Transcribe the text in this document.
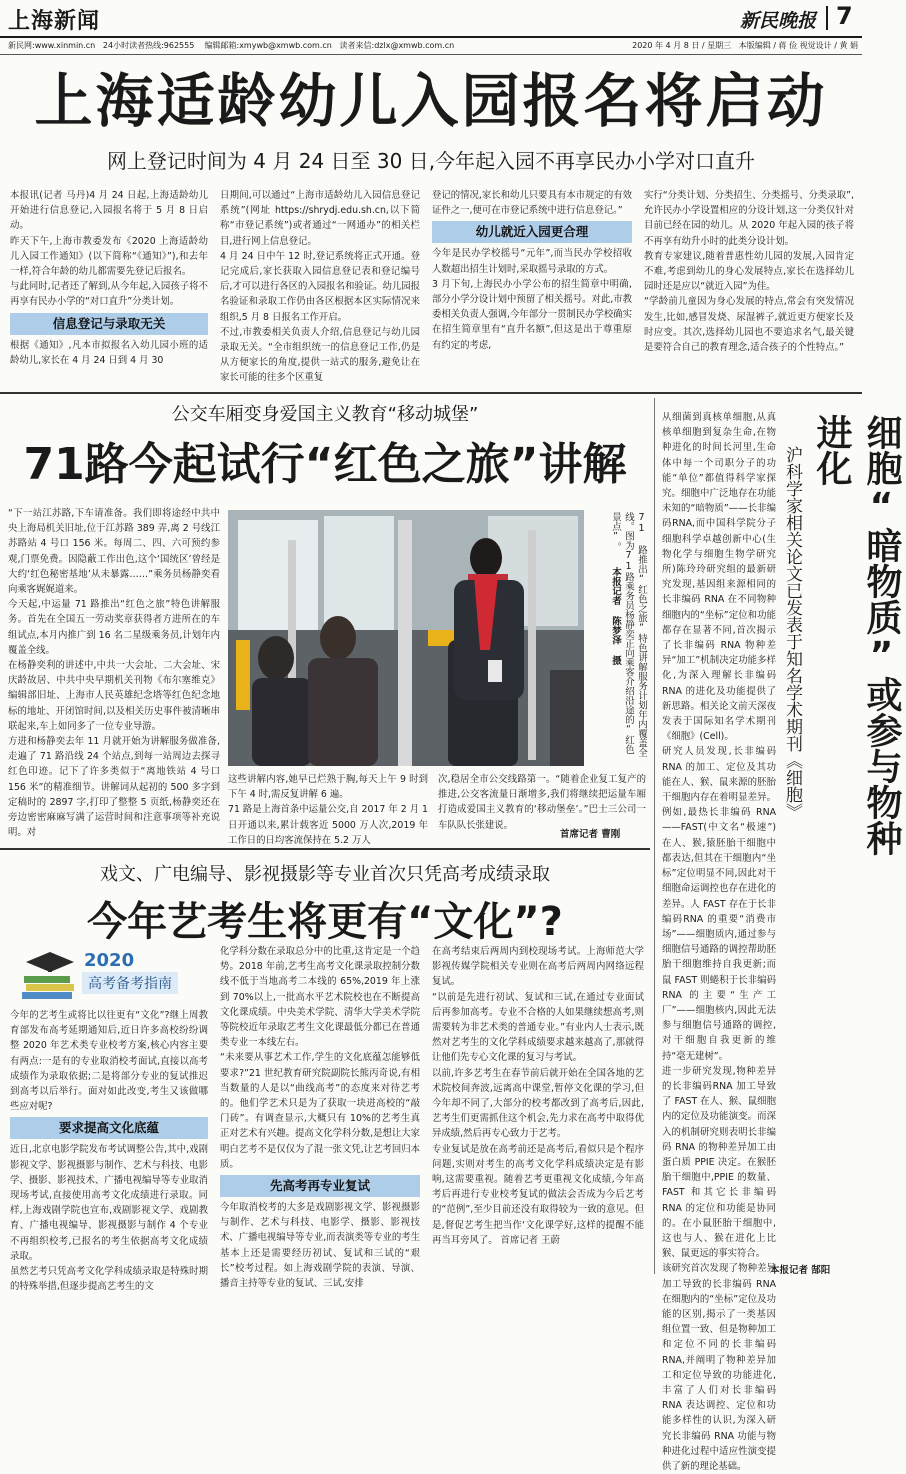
上海新闻	新民晚报 7
新民网:www.xinmin.cn 24小时读者热线:962555 编辑邮箱:xmywb@xmwb.com.cn 读者来信:dzlx@xmwb.com.cn	2020 年 4 月 8 日 / 星期三 本版编辑 / 蒋 俭 视觉设计 / 黄 娟
上海适龄幼儿入园报名将启动
网上登记时间为 4 月 24 日至 30 日,今年起入园不再享民办小学对口直升
本报讯(记者 马丹)4 月 24 日起,上海适龄幼儿开始进行信息登记,入园报名将于 5 月 8 日启动。
昨天下午,上海市教委发布《2020 上海适龄幼儿入园工作通知》(以下简称“《通知》”),和去年一样,符合年龄的幼儿都需要先登记后报名。
与此同时,记者还了解到,从今年起,入园孩子将不再享有民办小学的“对口直升”分类计划。
信息登记与录取无关
根据《通知》,凡本市拟报名入幼儿园小班的适龄幼儿,家长在 4 月 24 日到 4 月 30
日期间,可以通过“上海市适龄幼儿入园信息登记系统”(网址 https://shrydj.edu.sh.cn,以下简称“市登记系统”)或者通过“一网通办”的相关栏目,进行网上信息登记。
4 月 24 日中午 12 时,登记系统将正式开通。登记完成后,家长获取入园信息登记表和登记编号后,才可以进行各区的入园报名和验证。幼儿园报名验证和录取工作仍由各区根据本区实际情况来组织,5 月 8 日报名工作开启。
不过,市教委相关负责人介绍,信息登记与幼儿园录取无关。“全市组织统一的信息登记工作,仍是从方便家长的角度,提供一站式的服务,避免让在家长可能的往多个区重复
登记的情况,家长和幼儿只要具有本市规定的有效证件之一,便可在市登记系统中进行信息登记。”
幼儿就近入园更合理
今年是民办学校摇号“元年”,而当民办学校招收人数超出招生计划时,采取摇号录取的方式。
3 月下旬,上海民办小学公布的招生简章中明确,部分小学分设计划中预留了相关摇号。对此,市教委相关负责人强调,今年部分一贯制民办学校确实在招生简章里有“直升名额”,但这是出于尊重原有约定的考虑,
实行“分类计划、分类招生、分类摇号、分类录取”,允许民办小学设置相应的分设计划,这一分类仅针对目前已经在园的幼儿。从 2020 年起入园的孩子将不再享有幼升小时的此类分设计划。
教育专家建议,随着普惠性幼儿园的发展,入园肯定不难,考虑到幼儿的身心发展特点,家长在选择幼儿园时还是应以“就近入园”为佳。
“学龄前儿童因为身心发展的特点,常会有突发情况发生,比如,感冒发烧、尿湿裤子,就近更方便家长及时应变。其次,选择幼儿园也不要追求名气,最关键是要符合自己的教育理念,适合孩子的个性特点。”
公交车厢变身爱国主义教育“移动城堡”
71路今起试行“红色之旅”讲解
“下一站江苏路,下车请准备。我们即将途经中共中央上海局机关旧址,位于江苏路 389 弄,离 2 号线江苏路站 4 号口 156 米。每周二、四、六可预约参观,门票免费。因隐蔽工作出色,这个‘国统区’曾经是大约‘红色秘密基地’从未暴露……”乘务员杨静奕看向乘客娓娓道来。
今天起,中运量 71 路推出“红色之旅”特色讲解服务。首先在全国五一劳动奖章获得者方进所在的车组试点,本月内推广到 16 名二星级乘务员,计划年内覆盖全线。
在杨静奕利的讲述中,中共一大会址、二大会址、宋庆龄故居、中共中央早期机关刊物《布尔塞维克》编辑部旧址、上海市人民英雄纪念塔等红色纪念地标的地址、开闭馆时间,以及相关历史事件被清晰串联起来,车上如同多了一位专业导游。
方进和杨静奕去年 11 月就开始为讲解服务做准备,走遍了 71 路沿线 24 个站点,到每一站周边去探寻红色印迹。记下了许多类似于“离地铁站 4 号口 156 米”的精准细节。讲解词从起初的 500 多字到定稿时的 2897 字,打印了整整 5 页纸,杨静奕还在旁边密密麻麻写满了运营时间和注意事项等补充说明。对
71 路推出“红色之旅”特色讲解服务计划年内覆盖全线。图为71路乘务员杨静奕正向乘客介绍沿途的“红色景点”。 本报记者 陈梦泽 摄
这些讲解内容,她早已烂熟于胸,每天上午 9 时到下午 4 时,需反复讲解 6 遍。
71 路是上海首条中运量公交,自 2017 年 2 月 1 日开通以来,累计载客近 5000 万人次,2019 年工作日的日均客流保持在 5.2 万人
次,稳居全市公交线路第一。“随着企业复工复产的推进,公交客流量日渐增多,我们将继续把运量车厢打造成爱国主义教育的‘移动堡垒’。”巴士三公司一车队队长张建说。
首席记者 曹刚	细胞“暗物质”或参与物种进化
沪科学家相关论文已发表于知名学术期刊《细胞》
从细菌到真核单细胞,从真核单细胞到复杂生命,在物种进化的时间长河里,生命体中每一个司职分子的功能“单位”都值得科学家探究。细胞中广泛地存在功能未知的“暗物质”——长非编码RNA,而中国科学院分子细胞科学卓越创新中心(生物化学与细胞生物学研究所)陈玲玲研究组的最新研究发现,基因组来源相同的长非编码 RNA 在不同物种细胞内的“坐标”定位和功能都存在显著不同,首次揭示了长非编码 RNA 物种差异“加工”机制决定功能多样化,为深入理解长非编码 RNA 的进化及功能提供了新思路。相关论文前天深夜发表于国际知名学术期刊《细胞》(Cell)。
研究人员发现,长非编码 RNA 的加工、定位及其功能在人、猴、鼠来源的胚胎干细胞内存在着明显差异。例如,最热长非编码 RNA——FAST(中文名“极速”)在人、猴,猿胚胎干细胞中都表达,但其在干细胞内“坐标”定位明显不同,因此对干细胞命运调控也存在进化的差异。人 FAST 存在于长非编码RNA 的重要“消费市场”——细胞质内,通过参与细胞信号通路的调控帮助胚胎干细胞维持自我更新;而鼠 FAST 则蜷积于长非编码 RNA 的主要“生产工厂”——细胞核内,因此无法参与细胞信号通路的调控,对干细胞自我更新的维持“毫无建树”。
进一步研究发现,物种差异的长非编码RNA 加工导致了 FAST 在人、猴、鼠细胞内的定位及功能演变。而深入的机制研究则表明长非编码 RNA 的物种差异加工由蛋白质 PPIE 决定。在猴胚胎干细胞中,PPIE 的数量、FAST 和其它长非编码 RNA 的定位和功能是协同的。在小鼠胚胎干细胞中,这也与人、猴在进化上比猴、鼠更远的事实符合。
该研究首次发现了物种差异加工导致的长非编码 RNA 在细胞内的“坐标”定位及功能的区别,揭示了一类基因组位置一致、但是物种加工和定位不同的长非编码 RNA,并阐明了物种差异加工和定位导致的功能进化,丰富了人们对长非编码 RNA 表达调控、定位和功能多样性的认识,为深入研究长非编码 RNA 功能与物种进化过程中适应性演变提供了新的理论基础。
本报记者 郜阳
戏文、广电编导、影视摄影等专业首次只凭高考成绩录取
今年艺考生将更有“文化”?
2020
高考备考指南
今年的艺考生或将比以往更有“文化”?继上周教育部发布高考延期通知后,近日许多高校纷纷调整 2020 年艺术类专业校考方案,核心内容主要有两点:一是有的专业取消校考面试,直接以高考成绩作为录取依据;二是将部分专业的复试推迟到高考以后举行。面对如此改变,考生又该做哪些应对呢?
要求提高文化底蕴
近日,北京电影学院发布考试调整公告,其中,戏剧影视文学、影视摄影与制作、艺术与科技、电影学、摄影、影视技术、广播电视编导等专业取消现场考试,直接使用高考文化成绩进行录取。同样,上海戏剧学院也宣布,戏剧影视文学、戏剧教育、广播电视编导、影视摄影与制作 4 个专业不再组织校考,已报名的考生依据高考文化成绩录取。
虽然艺考只凭高考文化学科成绩录取是特殊时期的特殊举措,但逐步提高艺考生的文
化学科分数在录取总分中的比重,这肯定是一个趋势。2018 年前,艺考生高考文化课录取控制分数线不低于当地高考二本线的 65%,2019 年上涨到 70%以上,一批高水平艺术院校也在不断提高文化课成绩。中央美术学院、清华大学美术学院等院校近年录取艺考生文化课最低分都已在普通类专业一本线左右。
“未来要从事艺术工作,学生的文化底蕴怎能够低要求?”21 世纪教育研究院副院长熊丙奇说,有相当数量的人是以“曲线高考”的态度来对待艺考的。他们学艺术只是为了获取一块进高校的“敲门砖”。有调查显示,大概只有 10%的艺考生真正对艺术有兴趣。提高文化学科分数,是想让大家明白艺考不是仅仅为了混一张文凭,让艺考回归本质。
先高考再专业复试
今年取消校考的大多是戏剧影视文学、影视摄影与制作、艺术与科技、电影学、摄影、影视技术、广播电视编导等专业,而表演类等专业的考生基本上还是需要经历初试、复试和三试的“艰长”校考过程。如上海戏剧学院的表演、导演、播音主持等专业的复试、三试,安排
在高考结束后两周内到校现场考试。上海师范大学影视传媒学院相关专业则在高考后两周内网络远程复试。
“以前是先进行初试、复试和三试,在通过专业面试后再参加高考。专业不合格的人如果继续想高考,则需要转为非艺术类的普通专业。”有业内人士表示,既然对艺考生的文化学科成绩要求越来越高了,那就得让他们先专心文化课的复习与考试。
以前,许多艺考生在春节前后就开始在全国各地的艺术院校间奔波,远离高中课堂,暂停文化课的学习,但今年却不同了,大部分的校考都改到了高考后,因此,艺考生们更需抓住这个机会,先力求在高考中取得优异成绩,然后再专心致力于艺考。
专业复试是放在高考前还是高考后,看似只是个程序问题,实则对考生的高考文化学科成绩决定是有影响,这需要重视。随着艺考更重视文化成绩,今年高考后再进行专业校考复试的做法会否成为今后艺考的“范例”,至少目前还没有取得较为一致的意见。但是,督促艺考生把当作‘文化课学好,这样的提醒不能再当耳旁风了。 首席记者 王蔚
